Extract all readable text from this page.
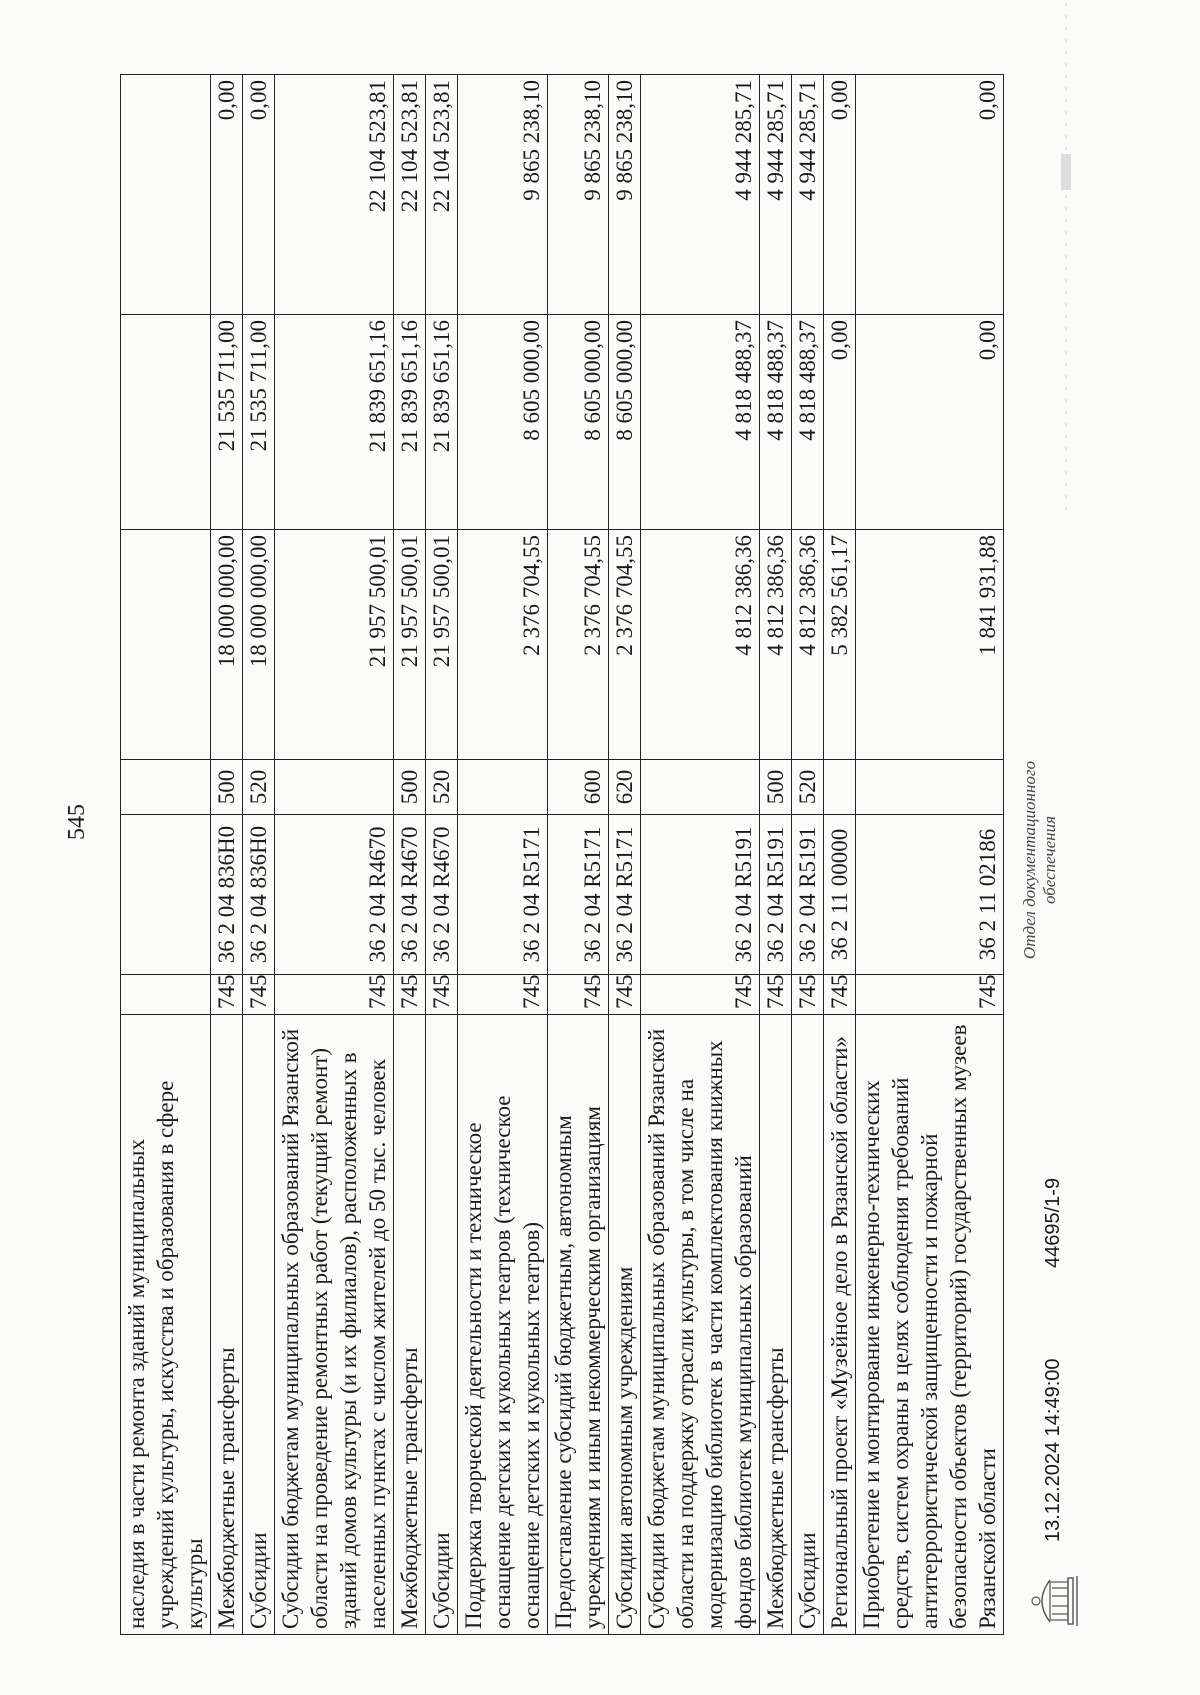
545
наследия в части ремонта зданий муниципальных учреждений культуры, искусства и образования в сфере культуры						
Межбюджетные трансферты	745	36 2 04 836Н0	500	18 000 000,00	21 535 711,00	0,00
Субсидии	745	36 2 04 836Н0	520	18 000 000,00	21 535 711,00	0,00
Субсидии бюджетам муниципальных образований Рязанской области на проведение ремонтных работ (текущий ремонт) зданий домов культуры (и их филиалов), расположенных в населенных пунктах с числом жителей до 50 тыс. человек	745	36 2 04 R4670		21 957 500,01	21 839 651,16	22 104 523,81
Межбюджетные трансферты	745	36 2 04 R4670	500	21 957 500,01	21 839 651,16	22 104 523,81
Субсидии	745	36 2 04 R4670	520	21 957 500,01	21 839 651,16	22 104 523,81
Поддержка творческой деятельности и техническое оснащение детских и кукольных театров (техническое оснащение детских и кукольных театров)	745	36 2 04 R5171		2 376 704,55	8 605 000,00	9 865 238,10
Предоставление субсидий бюджетным, автономным учреждениям и иным некоммерческим организациям	745	36 2 04 R5171	600	2 376 704,55	8 605 000,00	9 865 238,10
Субсидии автономным учреждениям	745	36 2 04 R5171	620	2 376 704,55	8 605 000,00	9 865 238,10
Субсидии бюджетам муниципальных образований Рязанской области на поддержку отрасли культуры, в том числе на модернизацию библиотек в части комплектования книжных фондов библиотек муниципальных образований	745	36 2 04 R5191		4 812 386,36	4 818 488,37	4 944 285,71
Межбюджетные трансферты	745	36 2 04 R5191	500	4 812 386,36	4 818 488,37	4 944 285,71
Субсидии	745	36 2 04 R5191	520	4 812 386,36	4 818 488,37	4 944 285,71
Региональный проект «Музейное дело в Рязанской области»	745	36 2 11 00000		5 382 561,17	0,00	0,00
Приобретение и монтирование инженерно-технических средств, систем охраны в целях соблюдения требований антитеррористической защищенности и пожарной безопасности объектов (территорий) государственных музеев Рязанской области	745	36 2 11 02186		1 841 931,88	0,00	0,00
13.12.2024 14:49:00
44695/1-9
Отдел документационного обеспечения
